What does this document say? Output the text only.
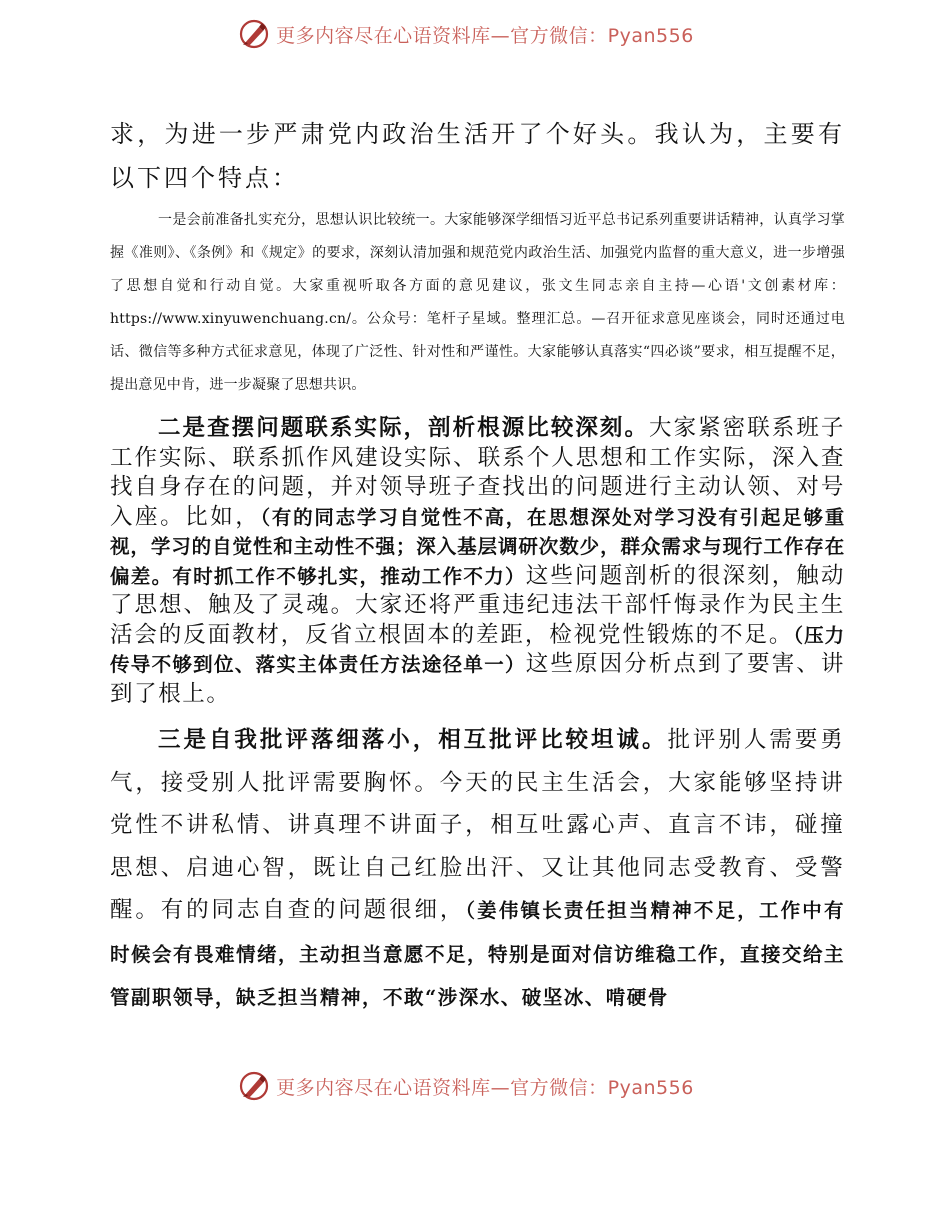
更多内容尽在心语资料库—官方微信：Pyan556

求，为进一步严肃党内政治生活开了个好头。我认为，主要有以下四个特点：

一是会前准备扎实充分，思想认识比较统一。大家能够深学细悟习近平总书记系列重要讲话精神，认真学习掌握《准则》、《条例》和《规定》的要求，深刻认清加强和规范党内政治生活、加强党内监督的重大意义，进一步增强了思想自觉和行动自觉。大家重视听取各方面的意见建议，张文生同志亲自主持—心语'文创素材库：https://www.xinyuwenchuang.cn/。公众号：笔杆子星域。整理汇总。—召开征求意见座谈会，同时还通过电话、微信等多种方式征求意见，体现了广泛性、针对性和严谨性。大家能够认真落实“四必谈”要求，相互提醒不足，提出意见中肯，进一步凝聚了思想共识。

二是查摆问题联系实际，剖析根源比较深刻。大家紧密联系班子工作实际、联系抓作风建设实际、联系个人思想和工作实际，深入查找自身存在的问题，并对领导班子查找出的问题进行主动认领、对号入座。比如，（有的同志学习自觉性不高，在思想深处对学习没有引起足够重视，学习的自觉性和主动性不强；深入基层调研次数少，群众需求与现行工作存在偏差。有时抓工作不够扎实，推动工作不力）这些问题剖析的很深刻，触动了思想、触及了灵魂。大家还将严重违纪违法干部忏悔录作为民主生活会的反面教材，反省立根固本的差距，检视党性锻炼的不足。（压力传导不够到位、落实主体责任方法途径单一）这些原因分析点到了要害、讲到了根上。

三是自我批评落细落小，相互批评比较坦诚。批评别人需要勇气，接受别人批评需要胸怀。今天的民主生活会，大家能够坚持讲党性不讲私情、讲真理不讲面子，相互吐露心声、直言不讳，碰撞思想、启迪心智，既让自己红脸出汗、又让其他同志受教育、受警醒。有的同志自查的问题很细，（姜伟镇长责任担当精神不足，工作中有时候会有畏难情绪，主动担当意愿不足，特别是面对信访维稳工作，直接交给主管副职领导，缺乏担当精神，不敢“涉深水、破坚冰、啃硬骨

更多内容尽在心语资料库—官方微信：Pyan556
